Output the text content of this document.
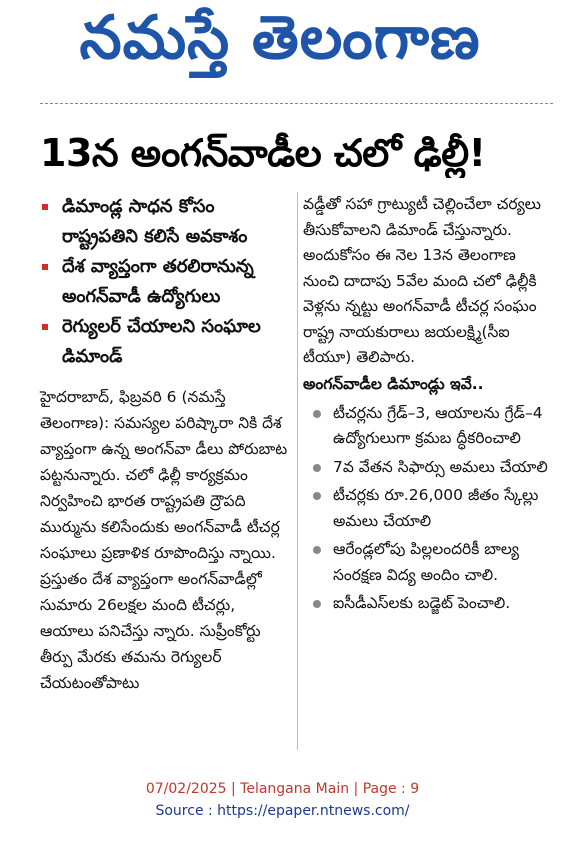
నమస్తే తెలంగాణ
13న అంగన్‌వాడీల చలో ఢిల్లీ!
డిమాండ్ల సాధన కోసం రాష్ట్రపతిని కలిసే అవకాశం
దేశ వ్యాప్తంగా తరలిరానున్న అంగన్‌వాడీ ఉద్యోగులు
రెగ్యులర్ చేయాలని సంఘాల డిమాండ్

హైదరాబాద్, ఫిబ్రవరి 6 (నమస్తే తెలంగాణ): సమస్యల పరిష్కారా నికి దేశ వ్యాప్తంగా ఉన్న అంగన్‌వా డీలు పోరుబాట పట్టనున్నారు. చలో ఢిల్లీ కార్యక్రమం నిర్వహించి భారత రాష్ట్రపతి ద్రౌపది ముర్మును కలిసేందుకు అంగన్‌వాడీ టీచర్ల సంఘాలు ప్రణాళిక రూపొందిస్తు న్నాయి. ప్రస్తుతం దేశ వ్యాప్తంగా అంగన్‌వాడీల్లో సుమారు 26లక్షల మంది టీచర్లు, ఆయాలు పనిచేస్తు న్నారు. సుప్రీంకోర్టు తీర్పు మేరకు తమను రెగ్యులర్ చేయటంతోపాటు

వడ్డీతో సహా గ్రాట్యుటీ చెల్లించేలా చర్యలు తీసుకోవాలని డిమాండ్ చేస్తున్నారు. అందుకోసం ఈ నెల 13న తెలంగాణ నుంచి దాదాపు 5వేల మంది చలో ఢిల్లీకి వెళ్లను న్నట్టు అంగన్‌వాడీ టీచర్ల సంఘం రాష్ట్ర నాయకురాలు జయలక్ష్మి(సీఐ టీయూ) తెలిపారు.

అంగన్‌వాడీల డిమాండ్లు ఇవే..
టీచర్లను గ్రేడ్–3, ఆయాలను గ్రేడ్–4 ఉద్యోగులుగా క్రమబ ద్ధీకరించాలి
7వ వేతన సిఫార్సు అమలు చేయాలి
టీచర్లకు రూ.26,000 జీతం స్కేల్లు అమలు చేయాలి
ఆరేండ్లలోపు పిల్లలందరికీ బాల్య సంరక్షణ విద్య అందిం చాలి.
ఐసీడీఎస్‌లకు బడ్జెట్ పెంచాలి.
07/02/2025 | Telangana Main | Page : 9
Source : https://epaper.ntnews.com/
